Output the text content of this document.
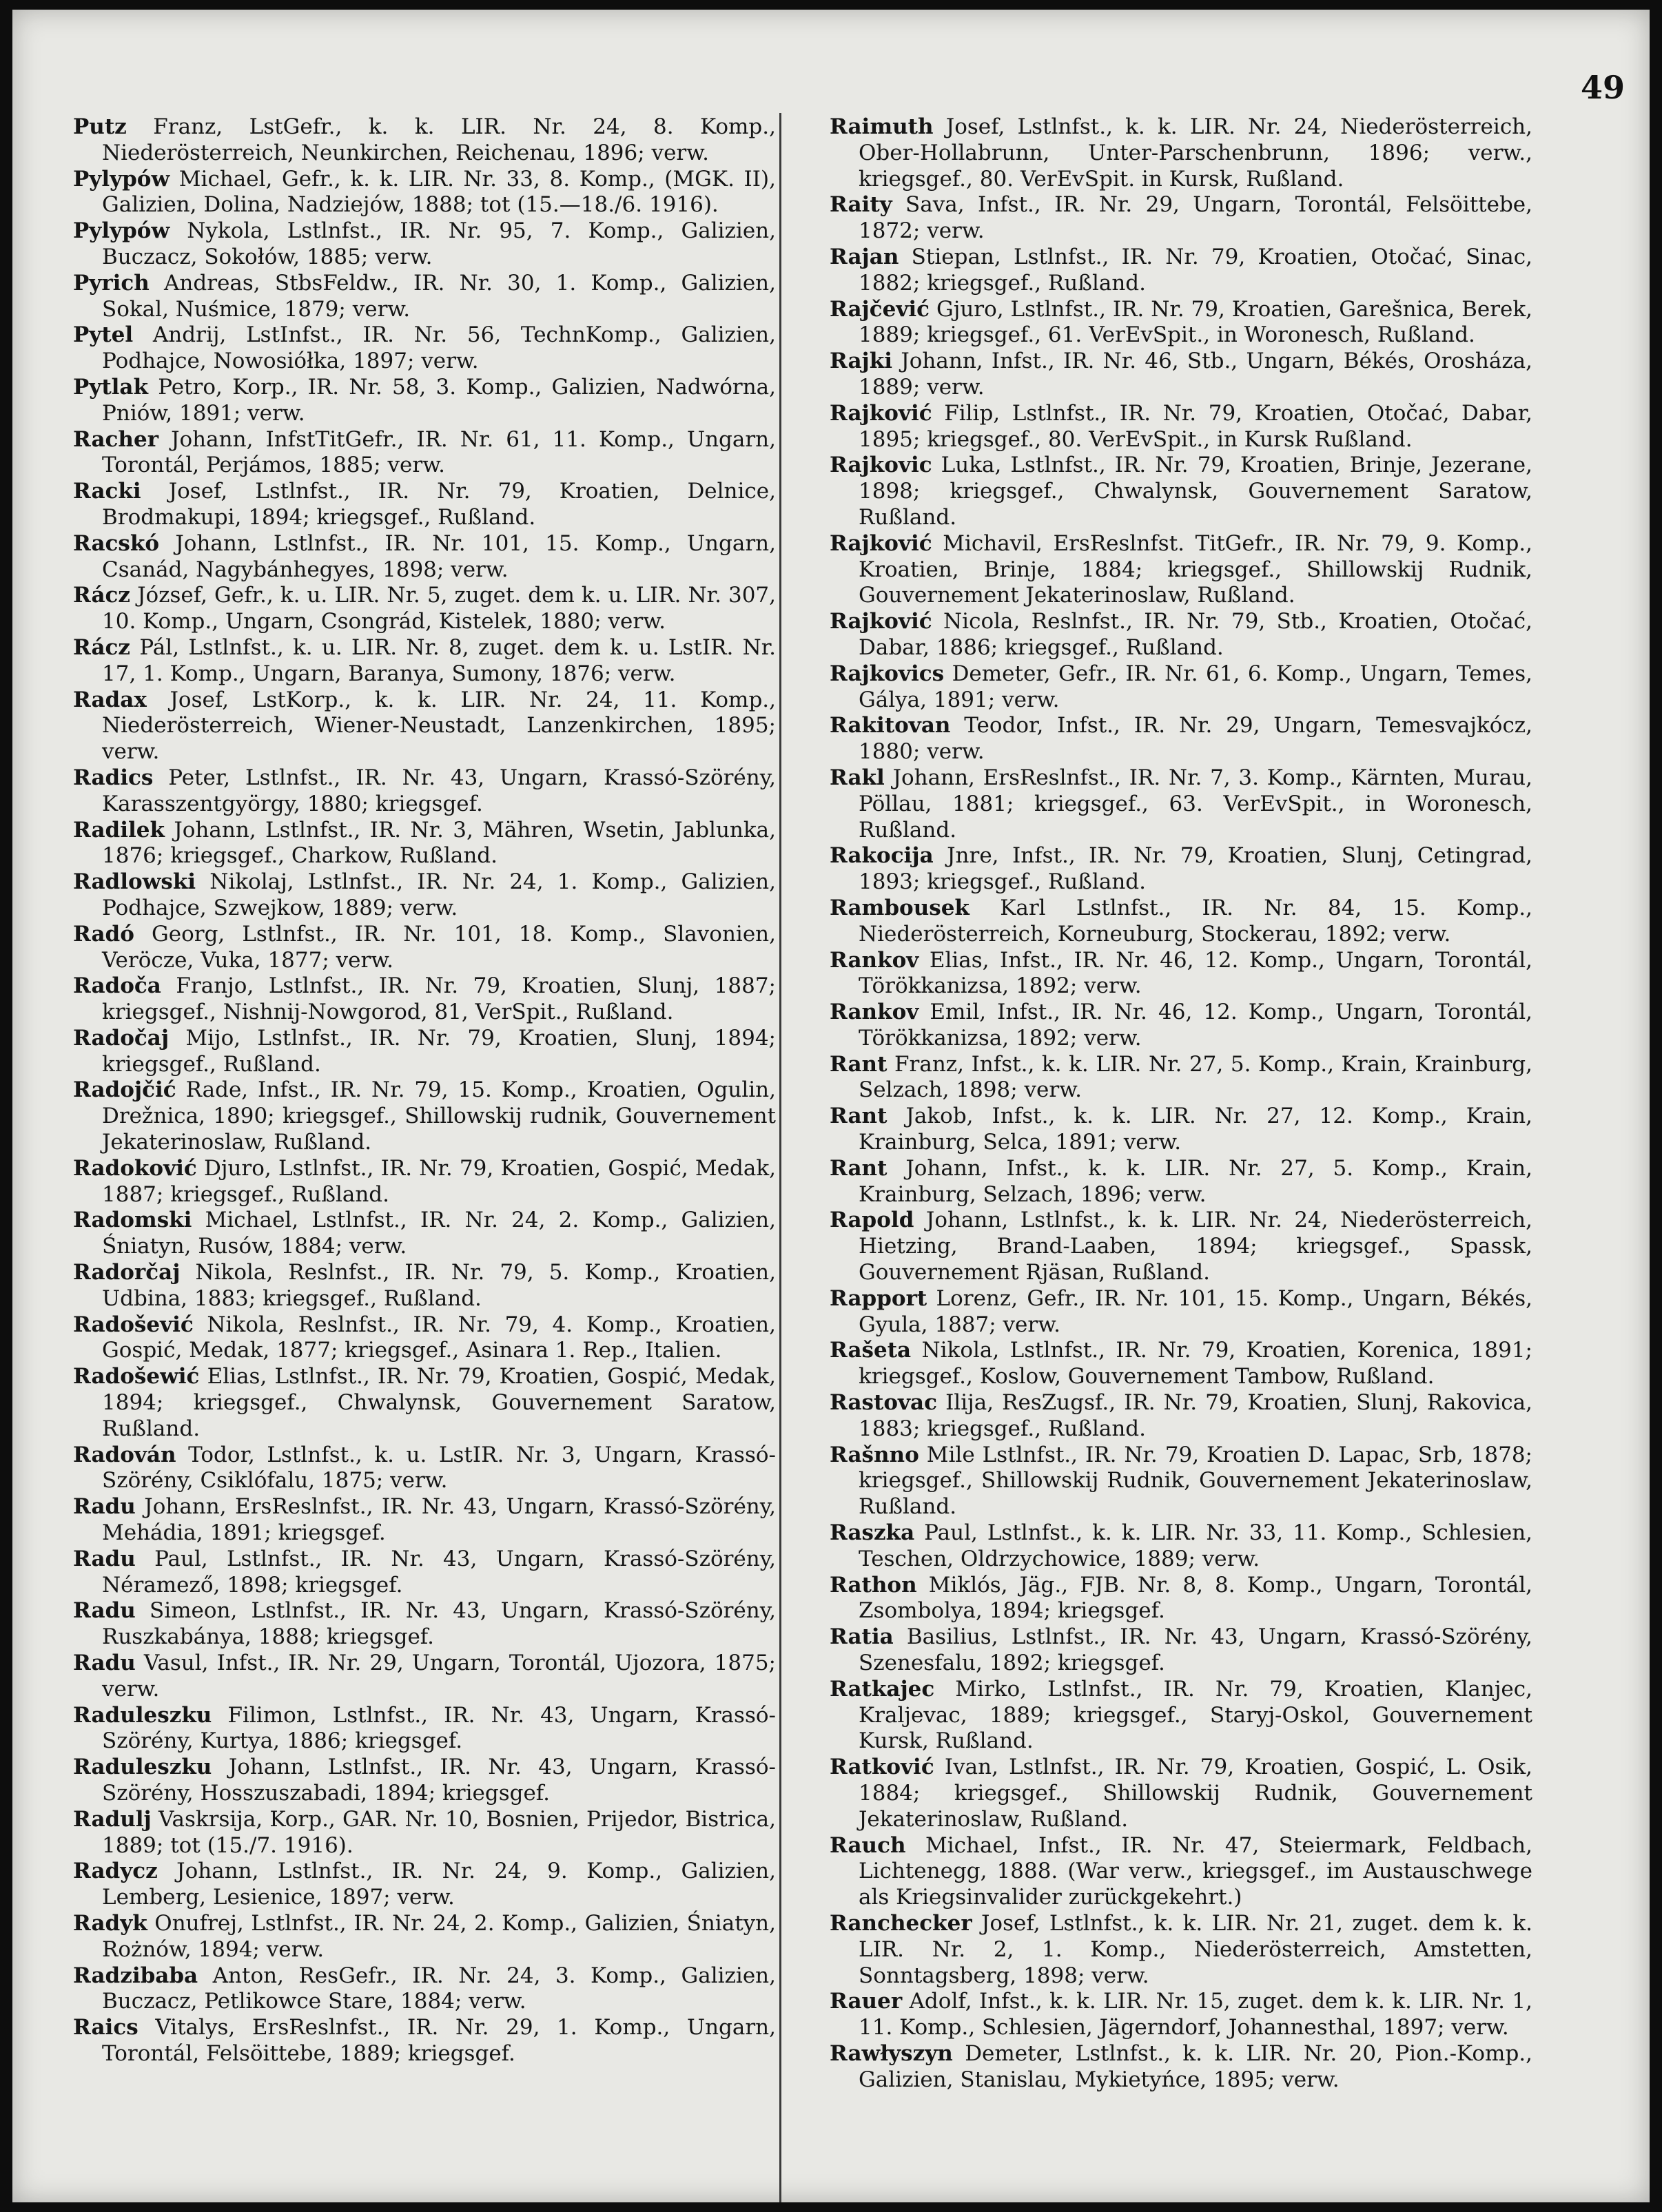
49

Putz Franz, LstGefr., k. k. LIR. Nr. 24, 8. Komp., Niederösterreich, Neunkirchen, Reichenau, 1896; verw.

Pylypów Michael, Gefr., k. k. LIR. Nr. 33, 8. Komp., (MGK. II), Galizien, Dolina, Nadziejów, 1888; tot (15.—18./6. 1916).

Pylypów Nykola, Lstlnfst., IR. Nr. 95, 7. Komp., Galizien, Buczacz, Sokołów, 1885; verw.

Pyrich Andreas, StbsFeldw., IR. Nr. 30, 1. Komp., Galizien, Sokal, Nuśmice, 1879; verw.

Pytel Andrij, LstInfst., IR. Nr. 56, TechnKomp., Galizien, Podhajce, Nowosiółka, 1897; verw.

Pytlak Petro, Korp., IR. Nr. 58, 3. Komp., Galizien, Nadwórna, Pniów, 1891; verw.

Racher Johann, InfstTitGefr., IR. Nr. 61, 11. Komp., Ungarn, Torontál, Perjámos, 1885; verw.

Racki Josef, Lstlnfst., IR. Nr. 79, Kroatien, Delnice, Brodmakupi, 1894; kriegsgef., Rußland.

Racskó Johann, Lstlnfst., IR. Nr. 101, 15. Komp., Ungarn, Csanád, Nagybánhegyes, 1898; verw.

Rácz József, Gefr., k. u. LIR. Nr. 5, zuget. dem k. u. LIR. Nr. 307, 10. Komp., Ungarn, Csongrád, Kistelek, 1880; verw.

Rácz Pál, Lstlnfst., k. u. LIR. Nr. 8, zuget. dem k. u. LstIR. Nr. 17, 1. Komp., Ungarn, Baranya, Sumony, 1876; verw.

Radax Josef, LstKorp., k. k. LIR. Nr. 24, 11. Komp., Niederösterreich, Wiener-Neustadt, Lanzenkirchen, 1895; verw.

Radics Peter, Lstlnfst., IR. Nr. 43, Ungarn, Krassó-Szörény, Karasszentgyörgy, 1880; kriegsgef.

Radilek Johann, Lstlnfst., IR. Nr. 3, Mähren, Wsetin, Jablunka, 1876; kriegsgef., Charkow, Rußland.

Radlowski Nikolaj, Lstlnfst., IR. Nr. 24, 1. Komp., Galizien, Podhajce, Szwejkow, 1889; verw.

Radó Georg, Lstlnfst., IR. Nr. 101, 18. Komp., Slavonien, Veröcze, Vuka, 1877; verw.

Radoča Franjo, Lstlnfst., IR. Nr. 79, Kroatien, Slunj, 1887; kriegsgef., Nishnij-Nowgorod, 81, VerSpit., Rußland.

Radočaj Mijo, Lstlnfst., IR. Nr. 79, Kroatien, Slunj, 1894; kriegsgef., Rußland.

Radojčić Rade, Infst., IR. Nr. 79, 15. Komp., Kroatien, Ogulin, Drežnica, 1890; kriegsgef., Shillowskij rudnik, Gouvernement Jekaterinoslaw, Rußland.

Radoković Djuro, Lstlnfst., IR. Nr. 79, Kroatien, Gospić, Medak, 1887; kriegsgef., Rußland.

Radomski Michael, Lstlnfst., IR. Nr. 24, 2. Komp., Galizien, Śniatyn, Rusów, 1884; verw.

Radorčaj Nikola, Reslnfst., IR. Nr. 79, 5. Komp., Kroatien, Udbina, 1883; kriegsgef., Rußland.

Radošević Nikola, Reslnfst., IR. Nr. 79, 4. Komp., Kroatien, Gospić, Medak, 1877; kriegsgef., Asinara 1. Rep., Italien.

Radošewić Elias, Lstlnfst., IR. Nr. 79, Kroatien, Gospić, Medak, 1894; kriegsgef., Chwalynsk, Gouvernement Saratow, Rußland.

Radován Todor, Lstlnfst., k. u. LstIR. Nr. 3, Ungarn, Krassó-Szörény, Csiklófalu, 1875; verw.

Radu Johann, ErsReslnfst., IR. Nr. 43, Ungarn, Krassó-Szörény, Mehádia, 1891; kriegsgef.

Radu Paul, Lstlnfst., IR. Nr. 43, Ungarn, Krassó-Szörény, Néramező, 1898; kriegsgef.

Radu Simeon, Lstlnfst., IR. Nr. 43, Ungarn, Krassó-Szörény, Ruszkabánya, 1888; kriegsgef.

Radu Vasul, Infst., IR. Nr. 29, Ungarn, Torontál, Ujozora, 1875; verw.

Raduleszku Filimon, Lstlnfst., IR. Nr. 43, Ungarn, Krassó-Szörény, Kurtya, 1886; kriegsgef.

Raduleszku Johann, Lstlnfst., IR. Nr. 43, Ungarn, Krassó-Szörény, Hosszuszabadi, 1894; kriegsgef.

Radulj Vaskrsija, Korp., GAR. Nr. 10, Bosnien, Prijedor, Bistrica, 1889; tot (15./7. 1916).

Radycz Johann, Lstlnfst., IR. Nr. 24, 9. Komp., Galizien, Lemberg, Lesienice, 1897; verw.

Radyk Onufrej, Lstlnfst., IR. Nr. 24, 2. Komp., Galizien, Śniatyn, Rożnów, 1894; verw.

Radzibaba Anton, ResGefr., IR. Nr. 24, 3. Komp., Galizien, Buczacz, Petlikowce Stare, 1884; verw.

Raics Vitalys, ErsReslnfst., IR. Nr. 29, 1. Komp., Ungarn, Torontál, Felsöittebe, 1889; kriegsgef.

Raimuth Josef, Lstlnfst., k. k. LIR. Nr. 24, Niederösterreich, Ober-Hollabrunn, Unter-Parschenbrunn, 1896; verw., kriegsgef., 80. VerEvSpit. in Kursk, Rußland.

Raity Sava, Infst., IR. Nr. 29, Ungarn, Torontál, Felsöittebe, 1872; verw.

Rajan Stiepan, Lstlnfst., IR. Nr. 79, Kroatien, Otočać, Sinac, 1882; kriegsgef., Rußland.

Rajčević Gjuro, Lstlnfst., IR. Nr. 79, Kroatien, Garešnica, Berek, 1889; kriegsgef., 61. VerEvSpit., in Woronesch, Rußland.

Rajki Johann, Infst., IR. Nr. 46, Stb., Ungarn, Békés, Orosháza, 1889; verw.

Rajković Filip, Lstlnfst., IR. Nr. 79, Kroatien, Otočać, Dabar, 1895; kriegsgef., 80. VerEvSpit., in Kursk Rußland.

Rajkovic Luka, Lstlnfst., IR. Nr. 79, Kroatien, Brinje, Jezerane, 1898; kriegsgef., Chwalynsk, Gouvernement Saratow, Rußland.

Rajković Michavil, ErsReslnfst. TitGefr., IR. Nr. 79, 9. Komp., Kroatien, Brinje, 1884; kriegsgef., Shillowskij Rudnik, Gouvernement Jekaterinoslaw, Rußland.

Rajković Nicola, Reslnfst., IR. Nr. 79, Stb., Kroatien, Otočać, Dabar, 1886; kriegsgef., Rußland.

Rajkovics Demeter, Gefr., IR. Nr. 61, 6. Komp., Ungarn, Temes, Gálya, 1891; verw.

Rakitovan Teodor, Infst., IR. Nr. 29, Ungarn, Temesvajkócz, 1880; verw.

Rakl Johann, ErsReslnfst., IR. Nr. 7, 3. Komp., Kärnten, Murau, Pöllau, 1881; kriegsgef., 63. VerEvSpit., in Woronesch, Rußland.

Rakocija Jnre, Infst., IR. Nr. 79, Kroatien, Slunj, Cetingrad, 1893; kriegsgef., Rußland.

Rambousek Karl Lstlnfst., IR. Nr. 84, 15. Komp., Niederösterreich, Korneuburg, Stockerau, 1892; verw.

Rankov Elias, Infst., IR. Nr. 46, 12. Komp., Ungarn, Torontál, Törökkanizsa, 1892; verw.

Rankov Emil, Infst., IR. Nr. 46, 12. Komp., Ungarn, Torontál, Törökkanizsa, 1892; verw.

Rant Franz, Infst., k. k. LIR. Nr. 27, 5. Komp., Krain, Krainburg, Selzach, 1898; verw.

Rant Jakob, Infst., k. k. LIR. Nr. 27, 12. Komp., Krain, Krainburg, Selca, 1891; verw.

Rant Johann, Infst., k. k. LIR. Nr. 27, 5. Komp., Krain, Krainburg, Selzach, 1896; verw.

Rapold Johann, Lstlnfst., k. k. LIR. Nr. 24, Niederösterreich, Hietzing, Brand-Laaben, 1894; kriegsgef., Spassk, Gouvernement Rjäsan, Rußland.

Rapport Lorenz, Gefr., IR. Nr. 101, 15. Komp., Ungarn, Békés, Gyula, 1887; verw.

Rašeta Nikola, Lstlnfst., IR. Nr. 79, Kroatien, Korenica, 1891; kriegsgef., Koslow, Gouvernement Tambow, Rußland.

Rastovac Ilija, ResZugsf., IR. Nr. 79, Kroatien, Slunj, Rakovica, 1883; kriegsgef., Rußland.

Rašnno Mile Lstlnfst., IR. Nr. 79, Kroatien D. Lapac, Srb, 1878; kriegsgef., Shillowskij Rudnik, Gouvernement Jekaterinoslaw, Rußland.

Raszka Paul, Lstlnfst., k. k. LIR. Nr. 33, 11. Komp., Schlesien, Teschen, Oldrzychowice, 1889; verw.

Rathon Miklós, Jäg., FJB. Nr. 8, 8. Komp., Ungarn, Torontál, Zsombolya, 1894; kriegsgef.

Ratia Basilius, Lstlnfst., IR. Nr. 43, Ungarn, Krassó-Szörény, Szenesfalu, 1892; kriegsgef.

Ratkajec Mirko, Lstlnfst., IR. Nr. 79, Kroatien, Klanjec, Kraljevac, 1889; kriegsgef., Staryj-Oskol, Gouvernement Kursk, Rußland.

Ratković Ivan, Lstlnfst., IR. Nr. 79, Kroatien, Gospić, L. Osik, 1884; kriegsgef., Shillowskij Rudnik, Gouvernement Jekaterinoslaw, Rußland.

Rauch Michael, Infst., IR. Nr. 47, Steiermark, Feldbach, Lichtenegg, 1888. (War verw., kriegsgef., im Austauschwege als Kriegsinvalider zurückgekehrt.)

Ranchecker Josef, Lstlnfst., k. k. LIR. Nr. 21, zuget. dem k. k. LIR. Nr. 2, 1. Komp., Niederösterreich, Amstetten, Sonntagsberg, 1898; verw.

Rauer Adolf, Infst., k. k. LIR. Nr. 15, zuget. dem k. k. LIR. Nr. 1, 11. Komp., Schlesien, Jägerndorf, Johannesthal, 1897; verw.

Rawłyszyn Demeter, Lstlnfst., k. k. LIR. Nr. 20, Pion.-Komp., Galizien, Stanislau, Mykietyńce, 1895; verw.
